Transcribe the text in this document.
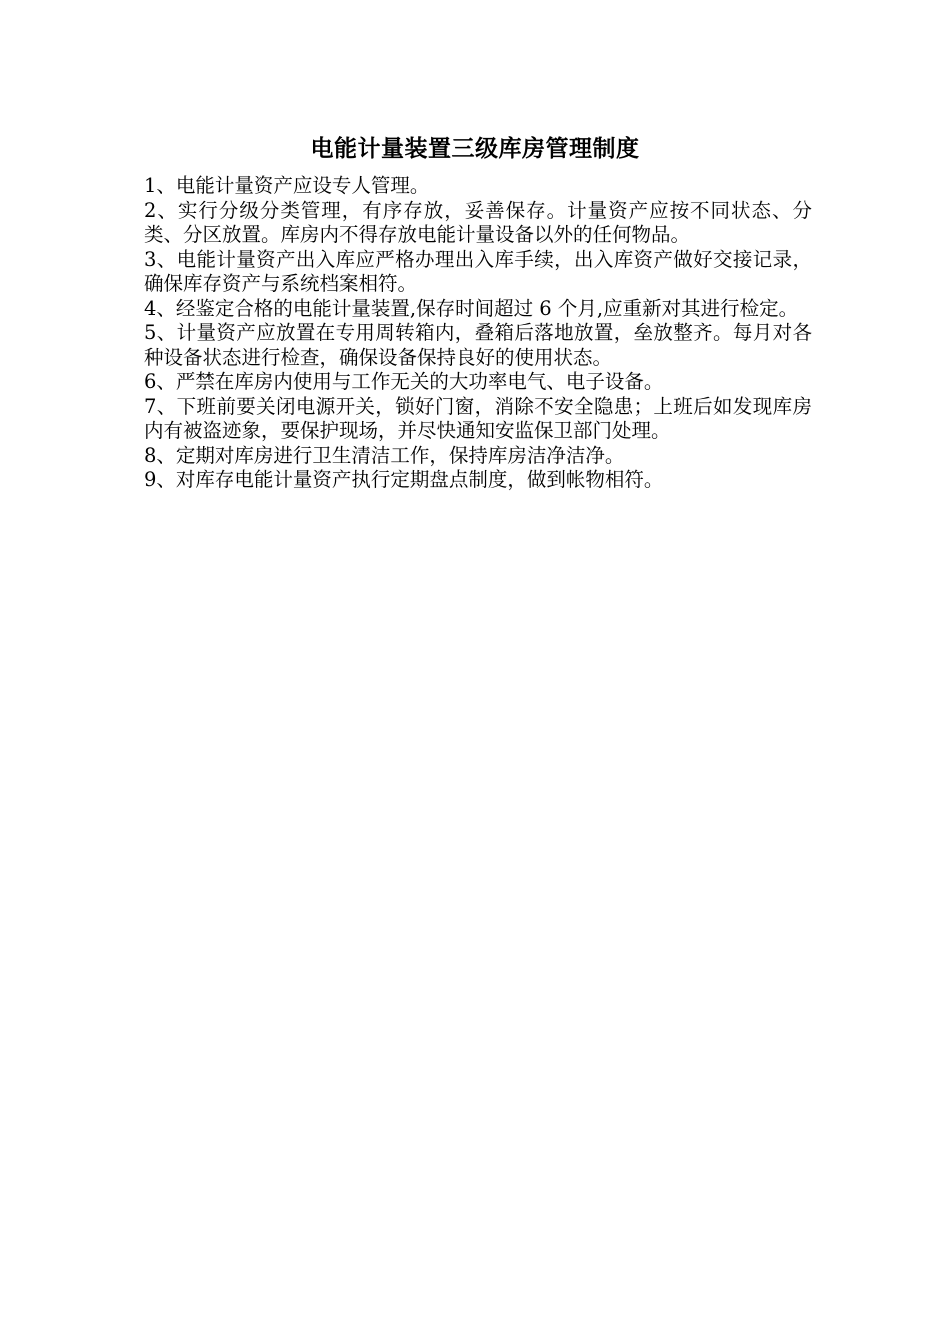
电能计量装置三级库房管理制度

1、电能计量资产应设专人管理。

2、实行分级分类管理，有序存放，妥善保存。计量资产应按不同状态、分类、分区放置。库房内不得存放电能计量设备以外的任何物品。

3、电能计量资产出入库应严格办理出入库手续，出入库资产做好交接记录，确保库存资产与系统档案相符。

4、经鉴定合格的电能计量装置,保存时间超过 6 个月,应重新对其进行检定。

5、计量资产应放置在专用周转箱内，叠箱后落地放置，垒放整齐。每月对各种设备状态进行检查，确保设备保持良好的使用状态。

6、严禁在库房内使用与工作无关的大功率电气、电子设备。

7、下班前要关闭电源开关，锁好门窗，消除不安全隐患；上班后如发现库房内有被盗迹象，要保护现场，并尽快通知安监保卫部门处理。

8、定期对库房进行卫生清洁工作，保持库房洁净洁净。

9、对库存电能计量资产执行定期盘点制度，做到帐物相符。
